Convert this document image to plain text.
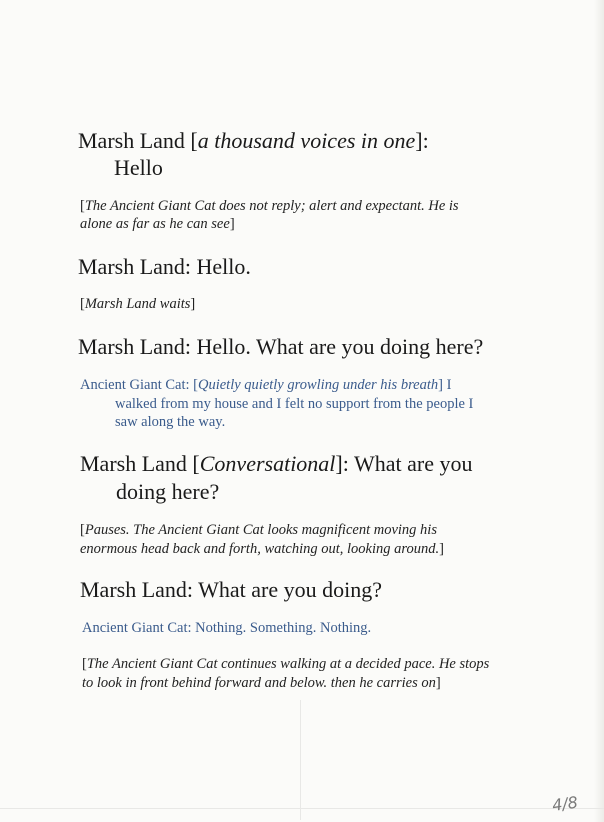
Marsh Land [a thousand voices in one]:

Hello

[The Ancient Giant Cat does not reply; alert and expectant. He is

alone as far as he can see]

Marsh Land: Hello.

[Marsh Land waits]

Marsh Land: Hello. What are you doing here?

Ancient Giant Cat: [Quietly quietly growling under his breath] I

walked from my house and I felt no support from the people I

saw along the way.

Marsh Land [Conversational]: What are you

doing here?

[Pauses. The Ancient Giant Cat looks magnificent moving his

enormous head back and forth, watching out, looking around.]

Marsh Land: What are you doing?

Ancient Giant Cat: Nothing. Something. Nothing.

[The Ancient Giant Cat continues walking at a decided pace. He stops

to look in front behind forward and below. then he carries on]

4/8
